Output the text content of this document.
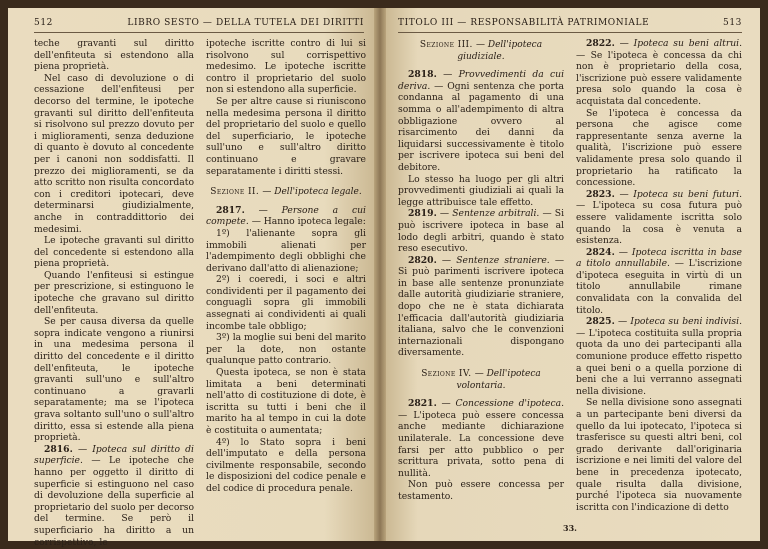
512	LIBRO SESTO — DELLA TUTELA DEI DIRITTI

teche gravanti sul diritto dell'enfiteuta si estendono alla piena proprietà.

Nel caso di devoluzione o di cessazione dell'enfiteusi per decorso del termine, le ipoteche gravanti sul diritto dell'enfiteuta si risolvono sul prezzo dovuto per i miglioramenti, senza deduzione di quanto è dovuto al concedente per i canoni non soddisfatti. Il prezzo dei miglioramenti, se da atto scritto non risulta concordato con i creditori ipotecari, deve determinarsi giudizialmente, anche in contraddittorio dei medesimi.

Le ipoteche gravanti sul diritto del concedente si estendono alla piena proprietà.

Quando l'enfiteusi si estingue per prescrizione, si estinguono le ipoteche che gravano sul diritto dell'enfiteuta.

Se per causa diversa da quelle sopra indicate vengono a riunirsi in una medesima persona il diritto del concedente e il diritto dell'enfiteuta, le ipoteche gravanti sull'uno e sull'altro continuano a gravarli separatamente; ma se l'ipoteca grava soltanto sull'uno o sull'altro diritto, essa si estende alla piena proprietà.

2816. — Ipoteca sul diritto di superficie. — Le ipoteche che hanno per oggetto il diritto di superficie si estinguono nel caso di devoluzione della superficie al proprietario del suolo per decorso del termine. Se però il superficiario ha diritto a un corrispettivo, le

ipoteche iscritte contro di lui si risolvono sul corrispettivo medesimo. Le ipoteche iscritte contro il proprietario del suolo non si estendono alla superficie.

Se per altre cause si riuniscono nella medesima persona il diritto del proprietario del suolo e quello del superficiario, le ipoteche sull'uno e sull'altro diritto continuano e gravare separatamente i diritti stessi.

Sezione II. — Dell'ipoteca legale.

2817. — Persone a cui compete. — Hanno ipoteca legale:

1º) l'alienante sopra gli immobili alienati per l'adempimento degli obblighi che derivano dall'atto di alienazione;

2º) i coeredi, i soci e altri condividenti per il pagamento dei conguagli sopra gli immobili assegnati ai condividenti ai quali incombe tale obbligo;

3º) la moglie sui beni del marito per la dote, non ostante qualunque patto contrario.

Questa ipoteca, se non è stata limitata a beni determinati nell'atto di costituzione di dote, è iscritta su tutti i beni che il marito ha al tempo in cui la dote è costituita o aumentata;

4º) lo Stato sopra i beni dell'imputato e della persona civilmente responsabile, secondo le disposizioni del codice penale e del codice di procedura penale.

TITOLO III — RESPONSABILITÀ PATRIMONIALE	513
Sezione III. — Dell'ipoteca giudiziale.

2818. — Provvedimenti da cui deriva. — Ogni sentenza che porta condanna al pagamento di una somma o all'adempimento di altra obbligazione ovvero al risarcimento dei danni da liquidarsi successivamente è titolo per iscrivere ipoteca sui beni del debitore.

Lo stesso ha luogo per gli altri provvedimenti giudiziali ai quali la legge attribuisce tale effetto.

2819. — Sentenze arbitrali. — Si può iscrivere ipoteca in base al lodo degli arbitri, quando è stato reso esecutivo.

2820. — Sentenze straniere. — Si può parimenti iscrivere ipoteca in base alle sentenze pronunziate dalle autorità giudiziarie straniere, dopo che ne è stata dichiarata l'efficacia dall'autorità giudiziaria italiana, salvo che le convenzioni internazionali dispongano diversamente.

Sezione IV. — Dell'ipoteca volontaria.

2821. — Concessione d'ipoteca. — L'ipoteca può essere concessa anche mediante dichiarazione unilaterale. La concessione deve farsi per atto pubblico o per scrittura privata, sotto pena di nullità.

Non può essere concessa per testamento.

2822. — Ipoteca su beni altrui. — Se l'ipoteca è concessa da chi non è proprietario della cosa, l'iscrizione può essere validamente presa solo quando la cosa è acquistata dal concedente.

Se l'ipoteca è concessa da persona che agisce come rappresentante senza averne la qualità, l'iscrizione può essere validamente presa solo quando il proprietario ha ratificato la concessione.

2823. — Ipoteca su beni futuri. — L'ipoteca su cosa futura può essere validamente iscritta solo quando la cosa è venuta a esistenza.

2824. — Ipoteca iscritta in base a titolo annullabile. — L'iscrizione d'ipoteca eseguita in virtù di un titolo annullabile rimane convalidata con la convalida del titolo.

2825. — Ipoteca su beni indivisi. — L'ipoteca costituita sulla propria quota da uno dei partecipanti alla comunione produce effetto rispetto a quei beni o a quella porzione di beni che a lui verranno assegnati nella divisione.

Se nella divisione sono assegnati a un partecipante beni diversi da quello da lui ipotecato, l'ipoteca si trasferisce su questi altri beni, col grado derivante dall'originaria iscrizione e nei limiti del valore del bene in precedenza ipotecato, quale risulta dalla divisione, purché l'ipoteca sia nuovamente iscritta con l'indicazione di detto

33.
